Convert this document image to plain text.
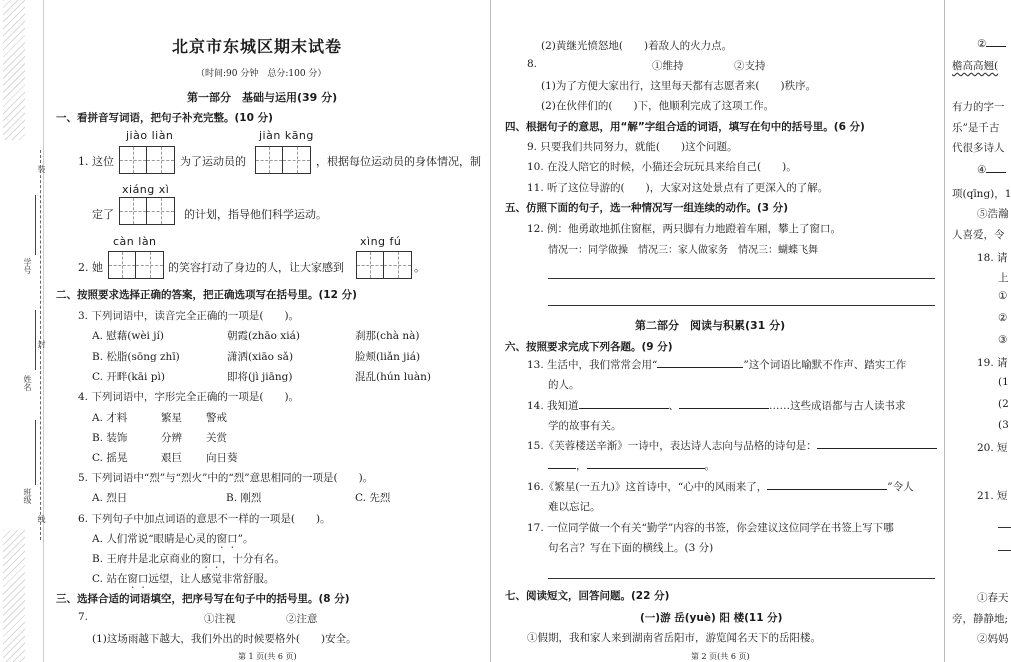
学号
姓名
班级
装
封
线
北京市东城区期末试卷
（时间:90 分钟　总分:100 分）
第一部分　基础与运用(39 分)
一、看拼音写词语，把句子补充完整。(10 分)
jiào liàn	jiàn kāng
1. 这位	为了运动员的	，根据每位运动员的身体情况，制
xiáng xì
定了	的计划，指导他们科学运动。
càn làn	xìng fú
2. 她	的笑容打动了身边的人，让大家感到	。
二、按照要求选择正确的答案，把正确选项写在括号里。(12 分)
3. 下列词语中，读音完全正确的一项是(　　)。
A. 慰藉(wèi jí)	朝霞(zhāo xiá)	刹那(chà nà)
B. 松脂(sōng zhī)	潇洒(xiāo sǎ)	脸颊(liǎn jiá)
C. 开畔(kāi pì)	即将(jì jiāng)	混乱(hún luàn)
4. 下列词语中，字形完全正确的一项是(　　)。
A. 才料	繁星 警戒
B. 装饰	分辨 关赏
C. 摇晃	艰巨 向日葵
5. 下列词语中“烈”与“烈火”中的“烈”意思相同的一项是(　　)。
A. 烈日	B. 刚烈	C. 先烈
6. 下列句子中加点词语的意思不一样的一项是(　　)。
A. 人们常说“眼睛是心灵的窗口”。
B. 王府井是北京商业的窗口，十分有名。
C. 站在窗口远望，让人感觉非常舒服。
三、选择合适的词语填空，把序号写在句子中的括号里。(8 分)
7.	①注视	②注意
(1)这场雨越下越大，我们外出的时候要格外(　　)安全。
第 1 页(共 6 页)
(2)黄继光愤怒地(　　)着敌人的火力点。
8.	①维持	②支持
(1)为了方便大家出行，这里每天都有志愿者来(　　)秩序。
(2)在伙伴们的(　　)下，他顺利完成了这项工作。
四、根据句子的意思，用“解”字组合适的词语，填写在句中的括号里。(6 分)
9. 只要我们共同努力，就能(　　)这个问题。
10. 在没人陪它的时候，小猫还会玩玩具来给自己(　　)。
11. 听了这位导游的(　　)，大家对这处景点有了更深入的了解。
五、仿照下面的句子，选一种情况写一组连续的动作。(3 分)
12. 例：他勇敢地抓住窗框，两只脚有力地蹬着车厢，攀上了窗口。
情况一：同学做操　情况三：家人做家务　情况三：蝴蝶飞舞
第二部分　阅读与积累(31 分)
六、按照要求完成下列各题。(9 分)
13. 生活中，我们常常会用“	”这个词语比喻默不作声、踏实工作
的人。
14. 我知道	、	……这些成语都与古人读书求
学的故事有关。
15.《芙蓉楼送辛渐》一诗中，表达诗人志向与品格的诗句是：
，	。
16.《繁星(一五九)》这首诗中，“心中的风雨来了，	”令人
难以忘记。
17. 一位同学做一个有关“勤学”内容的书签，你会建议这位同学在书签上写下哪
句名言？写在下面的横线上。(3 分)
七、阅读短文，回答问题。(22 分)
(一)游 岳(yuè) 阳 楼(11 分)
①假期，我和家人来到湖南省岳阳市，游览闻名天下的岳阳楼。
第 2 页(共 6 页)
②
檐高高翘(
有力的字一
乐”是千古
代很多诗人
④
项(qīng)，1
⑤浩瀚
人喜爱，令
18. 请
上
①
②
③
19. 请
(1
(2
(3
20. 短
21. 短
①春天
旁，静静地;
②妈妈
